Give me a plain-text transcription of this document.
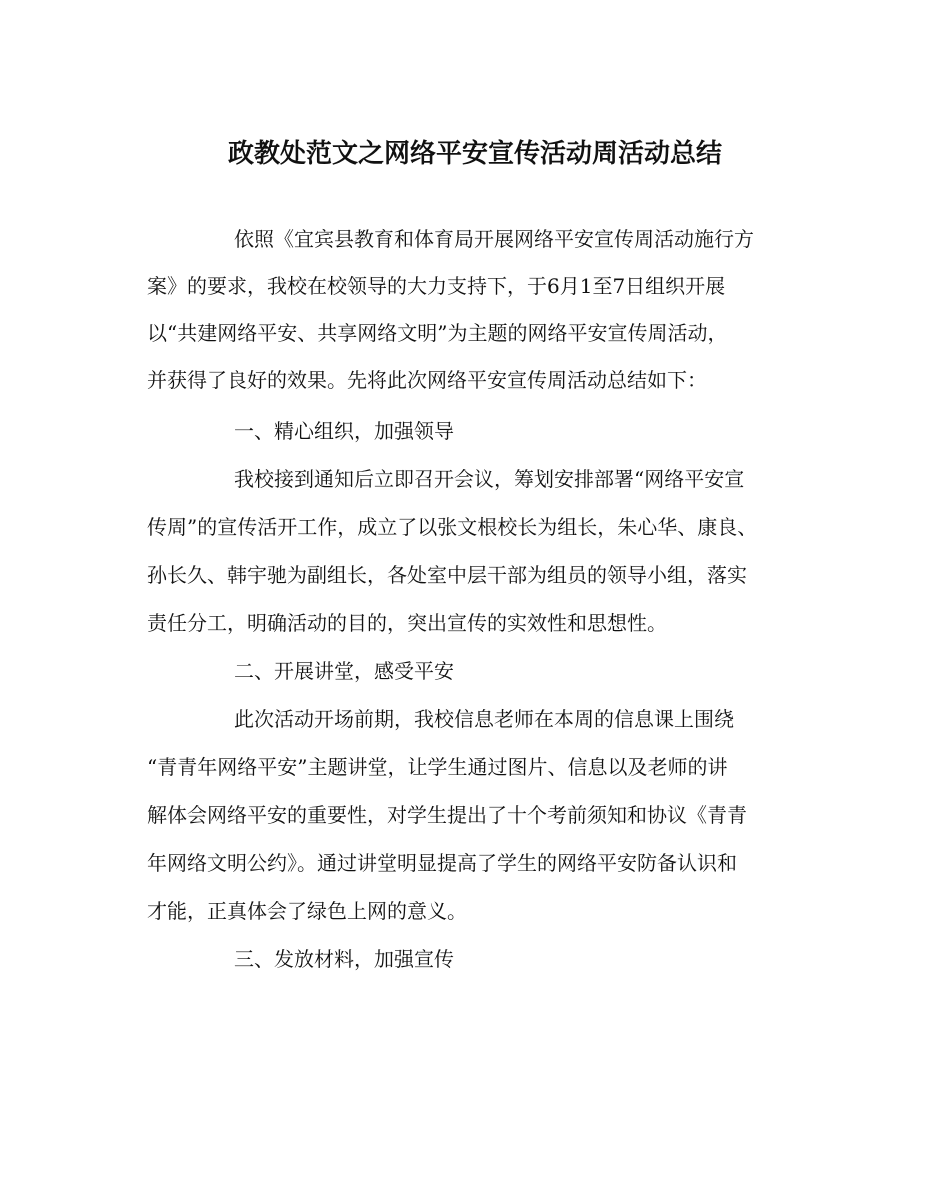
政教处范文之网络平安宣传活动周活动总结
依照《宜宾县教育和体育局开展网络平安宣传周活动施行方
案》的要求，我校在校领导的大力支持下，于6月1至7日组织开展
以“共建网络平安、共享网络文明”为主题的网络平安宣传周活动，
并获得了良好的效果。先将此次网络平安宣传周活动总结如下：
一、精心组织，加强领导
我校接到通知后立即召开会议，筹划安排部署“网络平安宣
传周”的宣传活开工作，成立了以张文根校长为组长，朱心华、康良、
孙长久、韩宇驰为副组长，各处室中层干部为组员的领导小组，落实
责任分工，明确活动的目的，突出宣传的实效性和思想性。
二、开展讲堂，感受平安
此次活动开场前期，我校信息老师在本周的信息课上围绕
“青青年网络平安”主题讲堂，让学生通过图片、信息以及老师的讲
解体会网络平安的重要性，对学生提出了十个考前须知和协议《青青
年网络文明公约》。通过讲堂明显提高了学生的网络平安防备认识和
才能，正真体会了绿色上网的意义。
三、发放材料，加强宣传
